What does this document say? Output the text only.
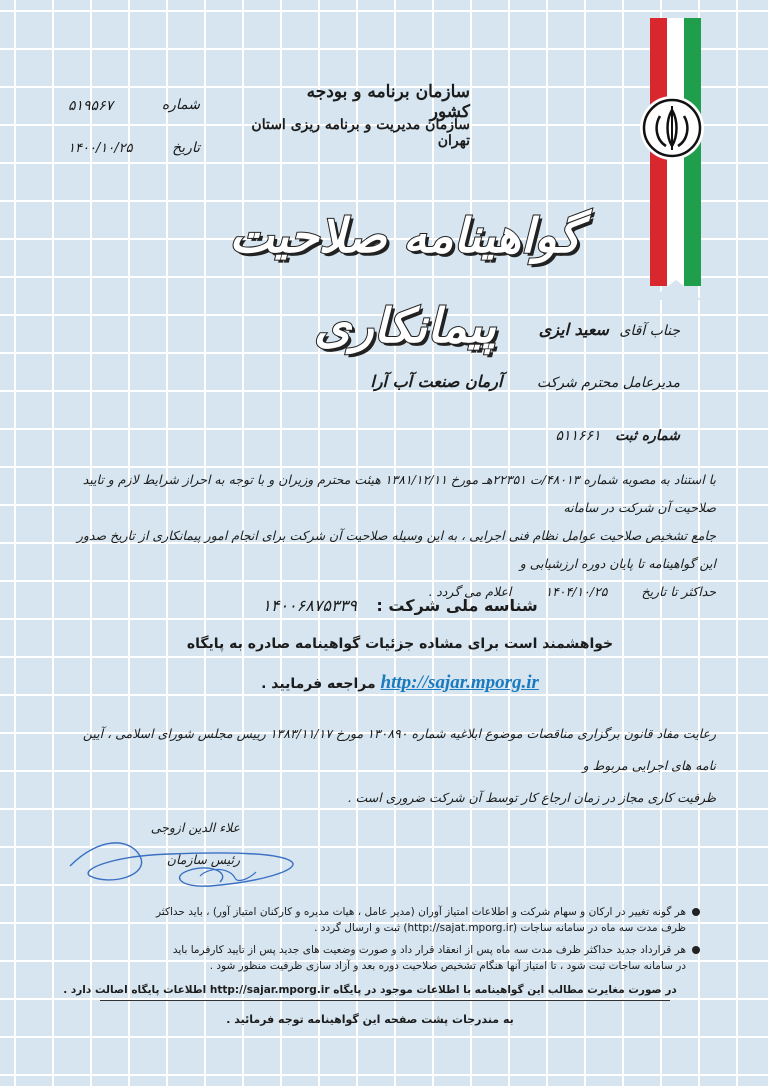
سازمان برنامه و بودجه کشور
سازمان مدیریت و برنامه ریزی استان تهران
شماره
۵۱۹۵۶۷
تاریخ
۱۴۰۰/۱۰/۲۵
گواهینامه صلاحیت پیمانکاری	جناب آقای سعید ایزی
مدیرعامل محترم شرکت آرمان صنعت آب آرا
شماره ثبت ۵۱۱۶۶۱
با استناد به مصوبه شماره ۴۸۰۱۳/ت ۲۲۳۵۱هـ مورخ ۱۳۸۱/۱۲/۱۱ هیئت محترم وزیران و با توجه به احراز شرایط لازم و تایید صلاحیت آن شرکت در سامانه
جامع تشخیص صلاحیت عوامل نظام فنی اجرایی ، به این وسیله صلاحیت آن شرکت برای انجام امور پیمانکاری از تاریخ صدور این گواهینامه تا پایان دوره ارزشیابی و
حداکثر تا تاریخ ۱۴۰۴/۱۰/۲۵ اعلام می گردد .
شناسه ملی شرکت : ۱۴۰۰۶۸۷۵۳۳۹
خواهشمند است برای مشاده جزئیات گواهینامه صادره به پایگاه
http://sajar.mporg.ir مراجعه فرمایید .
رعایت مفاد قانون برگزاری مناقصات موضوع ابلاغیه شماره ۱۳۰۸۹۰ مورخ ۱۳۸۳/۱۱/۱۷ رییس مجلس شورای اسلامی ، آیین نامه های اجرایی مربوط و
ظرفیت کاری مجاز در زمان ارجاع کار توسط آن شرکت ضروری است .
علاء الدین ازوجی
رئیس سازمان

هر گونه تغییر در ارکان و سهام شرکت و اطلاعات امتیاز آوران (مدیر عامل ، هیات مدیره و کارکنان امتیاز آور) ، باید حداکثر

ظرف مدت سه ماه در سامانه ساجات (http://sajat.mporg.ir) ثبت و ارسال گردد .

هر قرارداد جدید حداکثر ظرف مدت سه ماه پس از انعقاد قرار داد و صورت وضعیت های جدید پس از تایید کارفرما باید

در سامانه ساجات ثبت شود ، تا امتیاز آنها هنگام تشخیص صلاحیت دوره بعد و آزاد سازی ظرفیت منظور شود .

در صورت مغایرت مطالب این گواهینامه با اطلاعات موجود در پایگاه http://sajar.mporg.ir اطلاعات پایگاه اصالت دارد .

به مندرجات پشت صفحه این گواهینامه توجه فرمائید .
